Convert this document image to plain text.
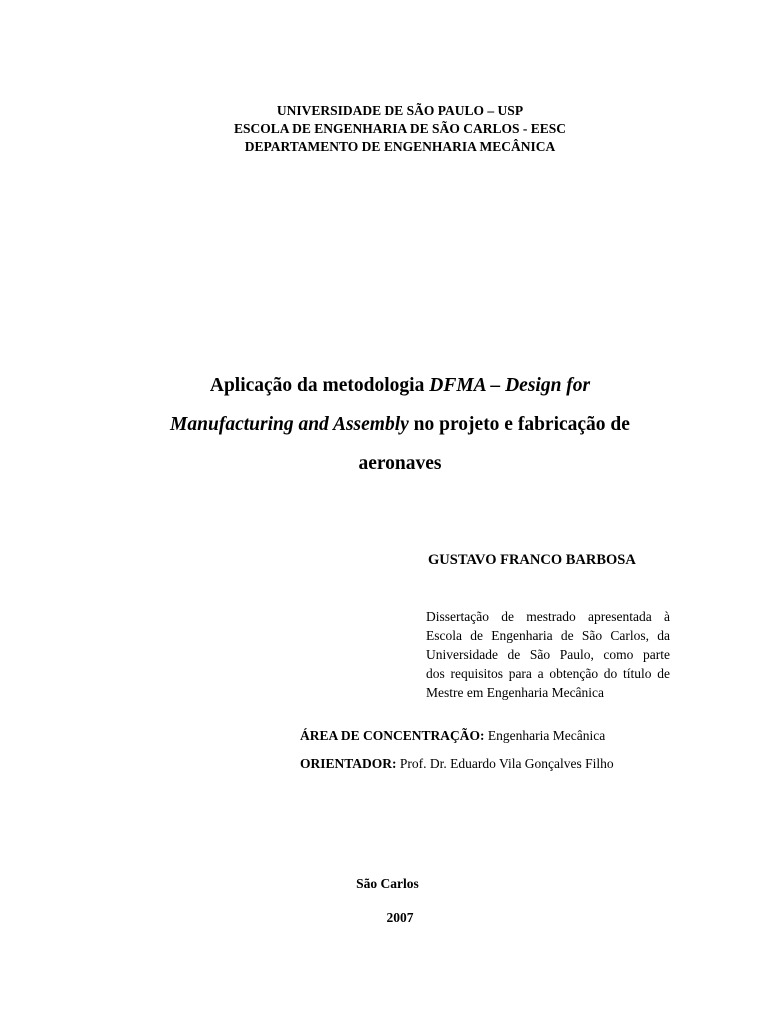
UNIVERSIDADE DE SÃO PAULO – USP
ESCOLA DE ENGENHARIA DE SÃO CARLOS - EESC
DEPARTAMENTO DE ENGENHARIA MECÂNICA
Aplicação da metodologia DFMA – Design for
Manufacturing and Assembly no projeto e fabricação de
aeronaves
GUSTAVO FRANCO BARBOSA
Dissertação de mestrado apresentada à
Escola de Engenharia de São Carlos, da
Universidade de São Paulo, como parte
dos requisitos para a obtenção do título de
Mestre em Engenharia Mecânica
ÁREA DE CONCENTRAÇÃO: Engenharia Mecânica
ORIENTADOR: Prof. Dr. Eduardo Vila Gonçalves Filho
São Carlos
2007
